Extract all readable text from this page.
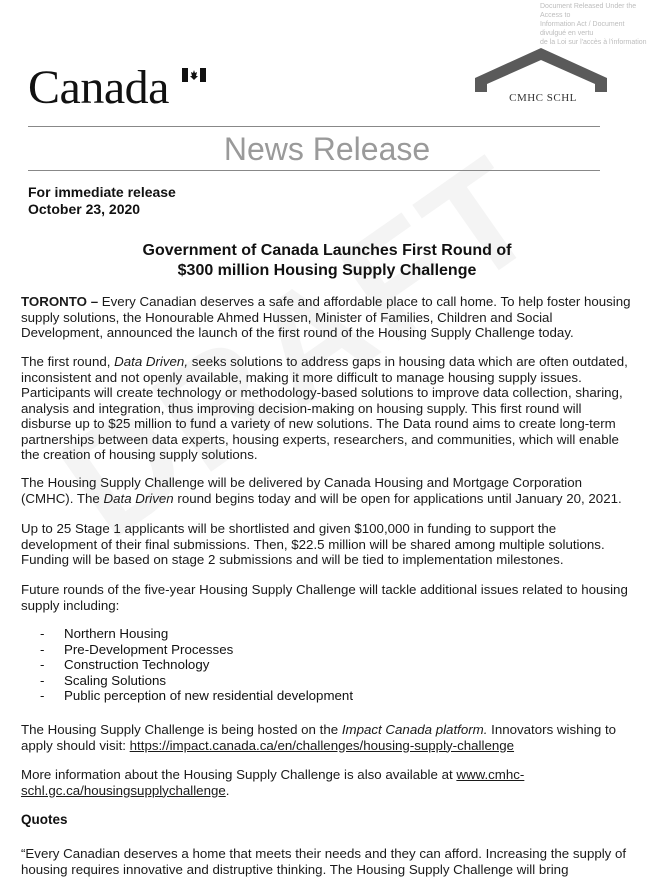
Document Released Under the Access to
Information Act / Document divulgué en vertu
de la Loi sur l'accès à l'information
Canada	CMHC SCHL
News Release
For immediate release
October 23, 2020
Government of Canada Launches First Round of
$300 million Housing Supply Challenge
TORONTO – Every Canadian deserves a safe and affordable place to call home. To help foster housing supply solutions, the Honourable Ahmed Hussen, Minister of Families, Children and Social Development, announced the launch of the first round of the Housing Supply Challenge today.
The first round, Data Driven, seeks solutions to address gaps in housing data which are often outdated, inconsistent and not openly available, making it more difficult to manage housing supply issues. Participants will create technology or methodology-based solutions to improve data collection, sharing, analysis and integration, thus improving decision-making on housing supply. This first round will disburse up to $25 million to fund a variety of new solutions. The Data round aims to create long-term partnerships between data experts, housing experts, researchers, and communities, which will enable the creation of housing supply solutions.
The Housing Supply Challenge will be delivered by Canada Housing and Mortgage Corporation (CMHC). The Data Driven round begins today and will be open for applications until January 20, 2021.
Up to 25 Stage 1 applicants will be shortlisted and given $100,000 in funding to support the development of their final submissions. Then, $22.5 million will be shared among multiple solutions. Funding will be based on stage 2 submissions and will be tied to implementation milestones.
Future rounds of the five-year Housing Supply Challenge will tackle additional issues related to housing supply including:
- Northern Housing
- Pre-Development Processes
- Construction Technology
- Scaling Solutions
- Public perception of new residential development
The Housing Supply Challenge is being hosted on the Impact Canada platform. Innovators wishing to apply should visit: https://impact.canada.ca/en/challenges/housing-supply-challenge
More information about the Housing Supply Challenge is also available at www.cmhc-schl.gc.ca/housingsupplychallenge.
Quotes
“Every Canadian deserves a home that meets their needs and they can afford. Increasing the supply of housing requires innovative and distruptive thinking. The Housing Supply Challenge will bring
